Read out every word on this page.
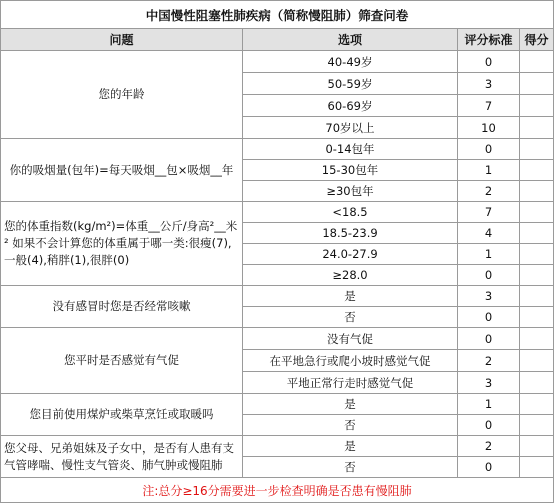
中国慢性阻塞性肺疾病（简称慢阻肺）筛查问卷			
问题	选项	评分标准	得分
您的年龄	40-49岁	0	
	50-59岁	3	
	60-69岁	7	
	70岁以上	10	
你的吸烟量(包年)=每天吸烟__包×吸烟__年	0-14包年	0	
	15-30包年	1	
	≥30包年	2	
您的体重指数(kg/m²)=体重__公斤/身高²__米² 如果不会计算您的体重属于哪一类:很瘦(7),一般(4),稍胖(1),很胖(0)	<18.5	7	
	18.5-23.9	4	
	24.0-27.9	1	
	≥28.0	0	
没有感冒时您是否经常咳嗽	是	3	
	否	0	
您平时是否感觉有气促	没有气促	0	
	在平地急行或爬小坡时感觉气促	2	
	平地正常行走时感觉气促	3	
您目前使用煤炉或柴草烹饪或取暖吗	是	1	
	否	0	
您父母、兄弟姐妹及子女中，是否有人患有支气管哮喘、慢性支气管炎、肺气肿或慢阻肺	是	2	
	否	0	
注:总分≥16分需要进一步检查明确是否患有慢阻肺			
